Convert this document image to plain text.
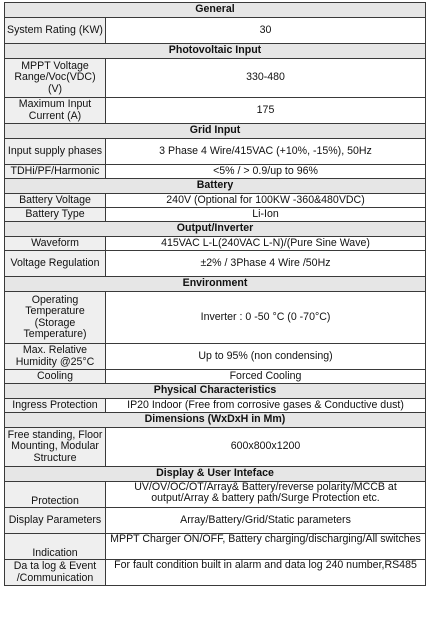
General	
System Rating (KW)	30
Photovoltaic Input	
MPPT Voltage Range/Voc(VDC) (V)	330-480
Maximum Input Current (A)	175
Grid Input	
Input supply phases	3 Phase 4 Wire/415VAC (+10%, -15%), 50Hz
TDHi/PF/Harmonic	<5% / > 0.9/up to 96%
Battery	
Battery Voltage	240V (Optional for 100KW -360&480VDC)
Battery Type	Li-Ion
Output/Inverter	
Waveform	415VAC L-L(240VAC L-N)/(Pure Sine Wave)
Voltage Regulation	±2% / 3Phase 4 Wire /50Hz
Environment	
Operating Temperature (Storage Temperature)	Inverter : 0 -50 °C (0 -70°C)
Max. Relative Humidity @25°C	Up to 95% (non condensing)
Cooling	Forced Cooling
Physical Characteristics	
Ingress Protection	IP20 Indoor (Free from corrosive gases & Conductive dust)
Dimensions (WxDxH in Mm)	
Free standing, Floor Mounting, Modular Structure	600x800x1200
Display & User Inteface	
Protection	UV/OV/OC/OT/Array& Battery/reverse polarity/MCCB at output/Array & battery path/Surge Protection etc.
Display Parameters	Array/Battery/Grid/Static parameters
Indication	MPPT Charger ON/OFF, Battery charging/discharging/All switches
Da ta log & Event /Communication	For fault condition built in alarm and data log 240 number,RS485
